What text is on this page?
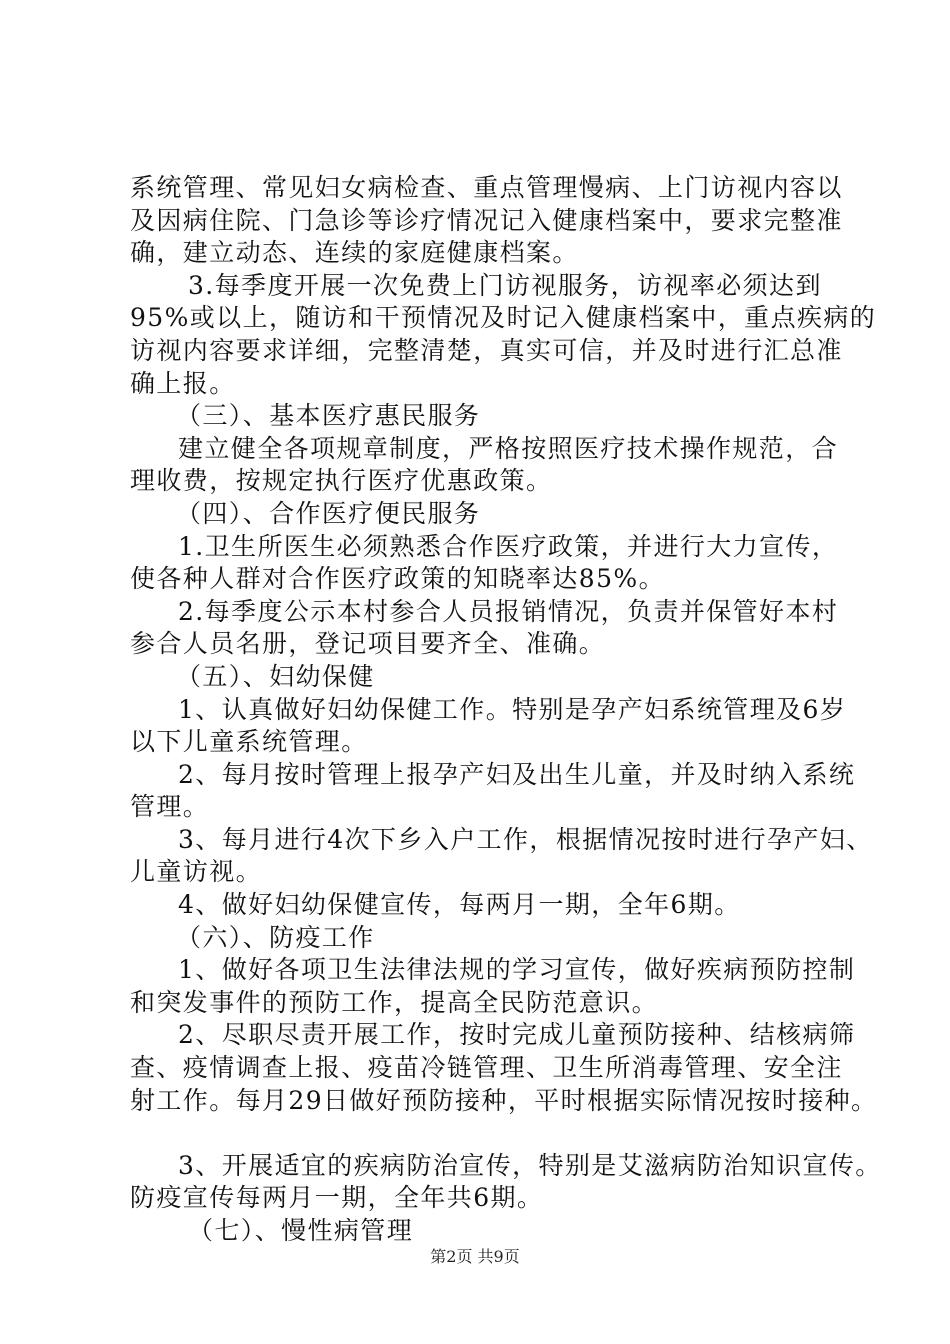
系统管理、常见妇女病检查、重点管理慢病、上门访视内容以
及因病住院、门急诊等诊疗情况记入健康档案中，要求完整准
确，建立动态、连续的家庭健康档案。
3.每季度开展一次免费上门访视服务，访视率必须达到
95%或以上，随访和干预情况及时记入健康档案中，重点疾病的
访视内容要求详细，完整清楚，真实可信，并及时进行汇总准
确上报。
（三）、基本医疗惠民服务
建立健全各项规章制度，严格按照医疗技术操作规范，合
理收费，按规定执行医疗优惠政策。
（四）、合作医疗便民服务
1.卫生所医生必须熟悉合作医疗政策，并进行大力宣传，
使各种人群对合作医疗政策的知晓率达85%。
2.每季度公示本村参合人员报销情况，负责并保管好本村
参合人员名册，登记项目要齐全、准确。
（五）、妇幼保健
1、认真做好妇幼保健工作。特别是孕产妇系统管理及6岁
以下儿童系统管理。
2、每月按时管理上报孕产妇及出生儿童，并及时纳入系统
管理。
3、每月进行4次下乡入户工作，根据情况按时进行孕产妇、
儿童访视。
4、做好妇幼保健宣传，每两月一期，全年6期。
（六）、防疫工作
1、做好各项卫生法律法规的学习宣传，做好疾病预防控制
和突发事件的预防工作，提高全民防范意识。
2、尽职尽责开展工作，按时完成儿童预防接种、结核病筛
查、疫情调查上报、疫苗冷链管理、卫生所消毒管理、安全注
射工作。每月29日做好预防接种，平时根据实际情况按时接种。
3、开展适宜的疾病防治宣传，特别是艾滋病防治知识宣传。
防疫宣传每两月一期，全年共6期。
（七）、慢性病管理
第2页 共9页
